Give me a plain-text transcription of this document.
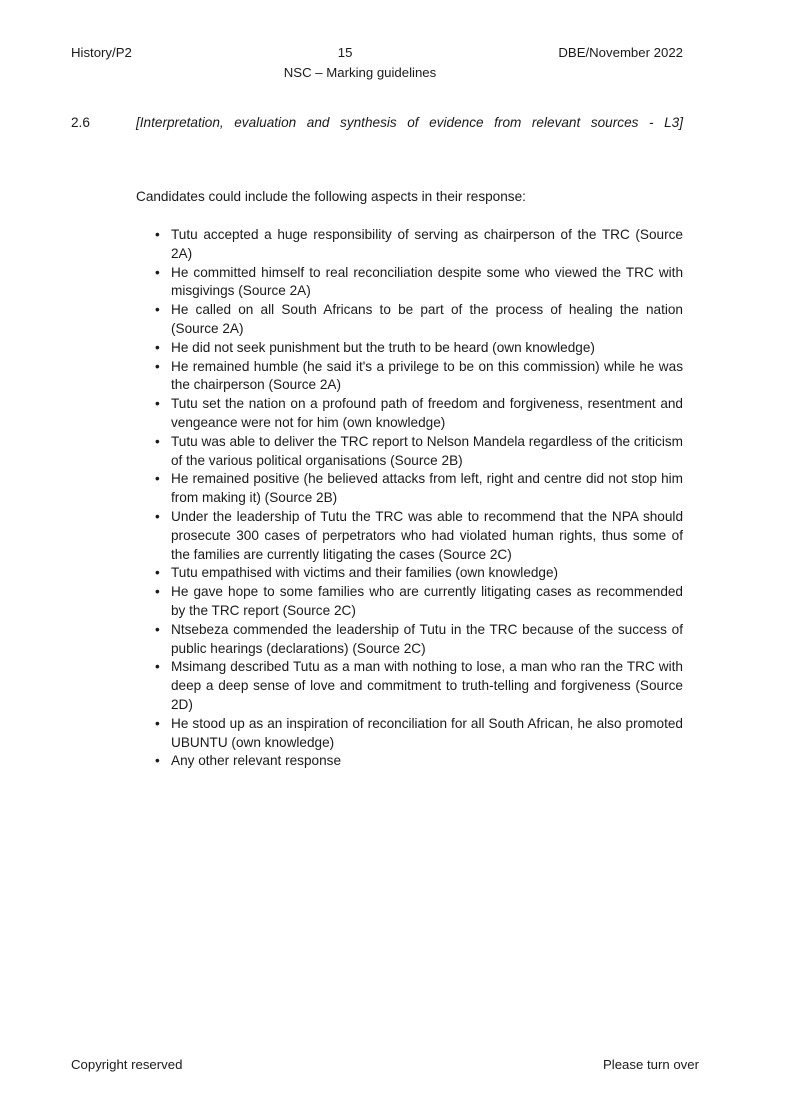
History/P2	15	DBE/November 2022
NSC – Marking guidelines
2.6	[Interpretation, evaluation and synthesis of evidence from relevant sources - L3]
Candidates could include the following aspects in their response:
• Tutu accepted a huge responsibility of serving as chairperson of the TRC (Source 2A)
• He committed himself to real reconciliation despite some who viewed the TRC with misgivings (Source 2A)
• He called on all South Africans to be part of the process of healing the nation (Source 2A)
• He did not seek punishment but the truth to be heard (own knowledge)
• He remained humble (he said it's a privilege to be on this commission) while he was the chairperson (Source 2A)
• Tutu set the nation on a profound path of freedom and forgiveness, resentment and vengeance were not for him (own knowledge)
• Tutu was able to deliver the TRC report to Nelson Mandela regardless of the criticism of the various political organisations (Source 2B)
• He remained positive (he believed attacks from left, right and centre did not stop him from making it) (Source 2B)
• Under the leadership of Tutu the TRC was able to recommend that the NPA should prosecute 300 cases of perpetrators who had violated human rights, thus some of the families are currently litigating the cases (Source 2C)
• Tutu empathised with victims and their families (own knowledge)
• He gave hope to some families who are currently litigating cases as recommended by the TRC report (Source 2C)
• Ntsebeza commended the leadership of Tutu in the TRC because of the success of public hearings (declarations) (Source 2C)
• Msimang described Tutu as a man with nothing to lose, a man who ran the TRC with deep a deep sense of love and commitment to truth-telling and forgiveness (Source 2D)
• He stood up as an inspiration of reconciliation for all South African, he also promoted UBUNTU (own knowledge)
• Any other relevant response
Copyright reserved	Please turn over
